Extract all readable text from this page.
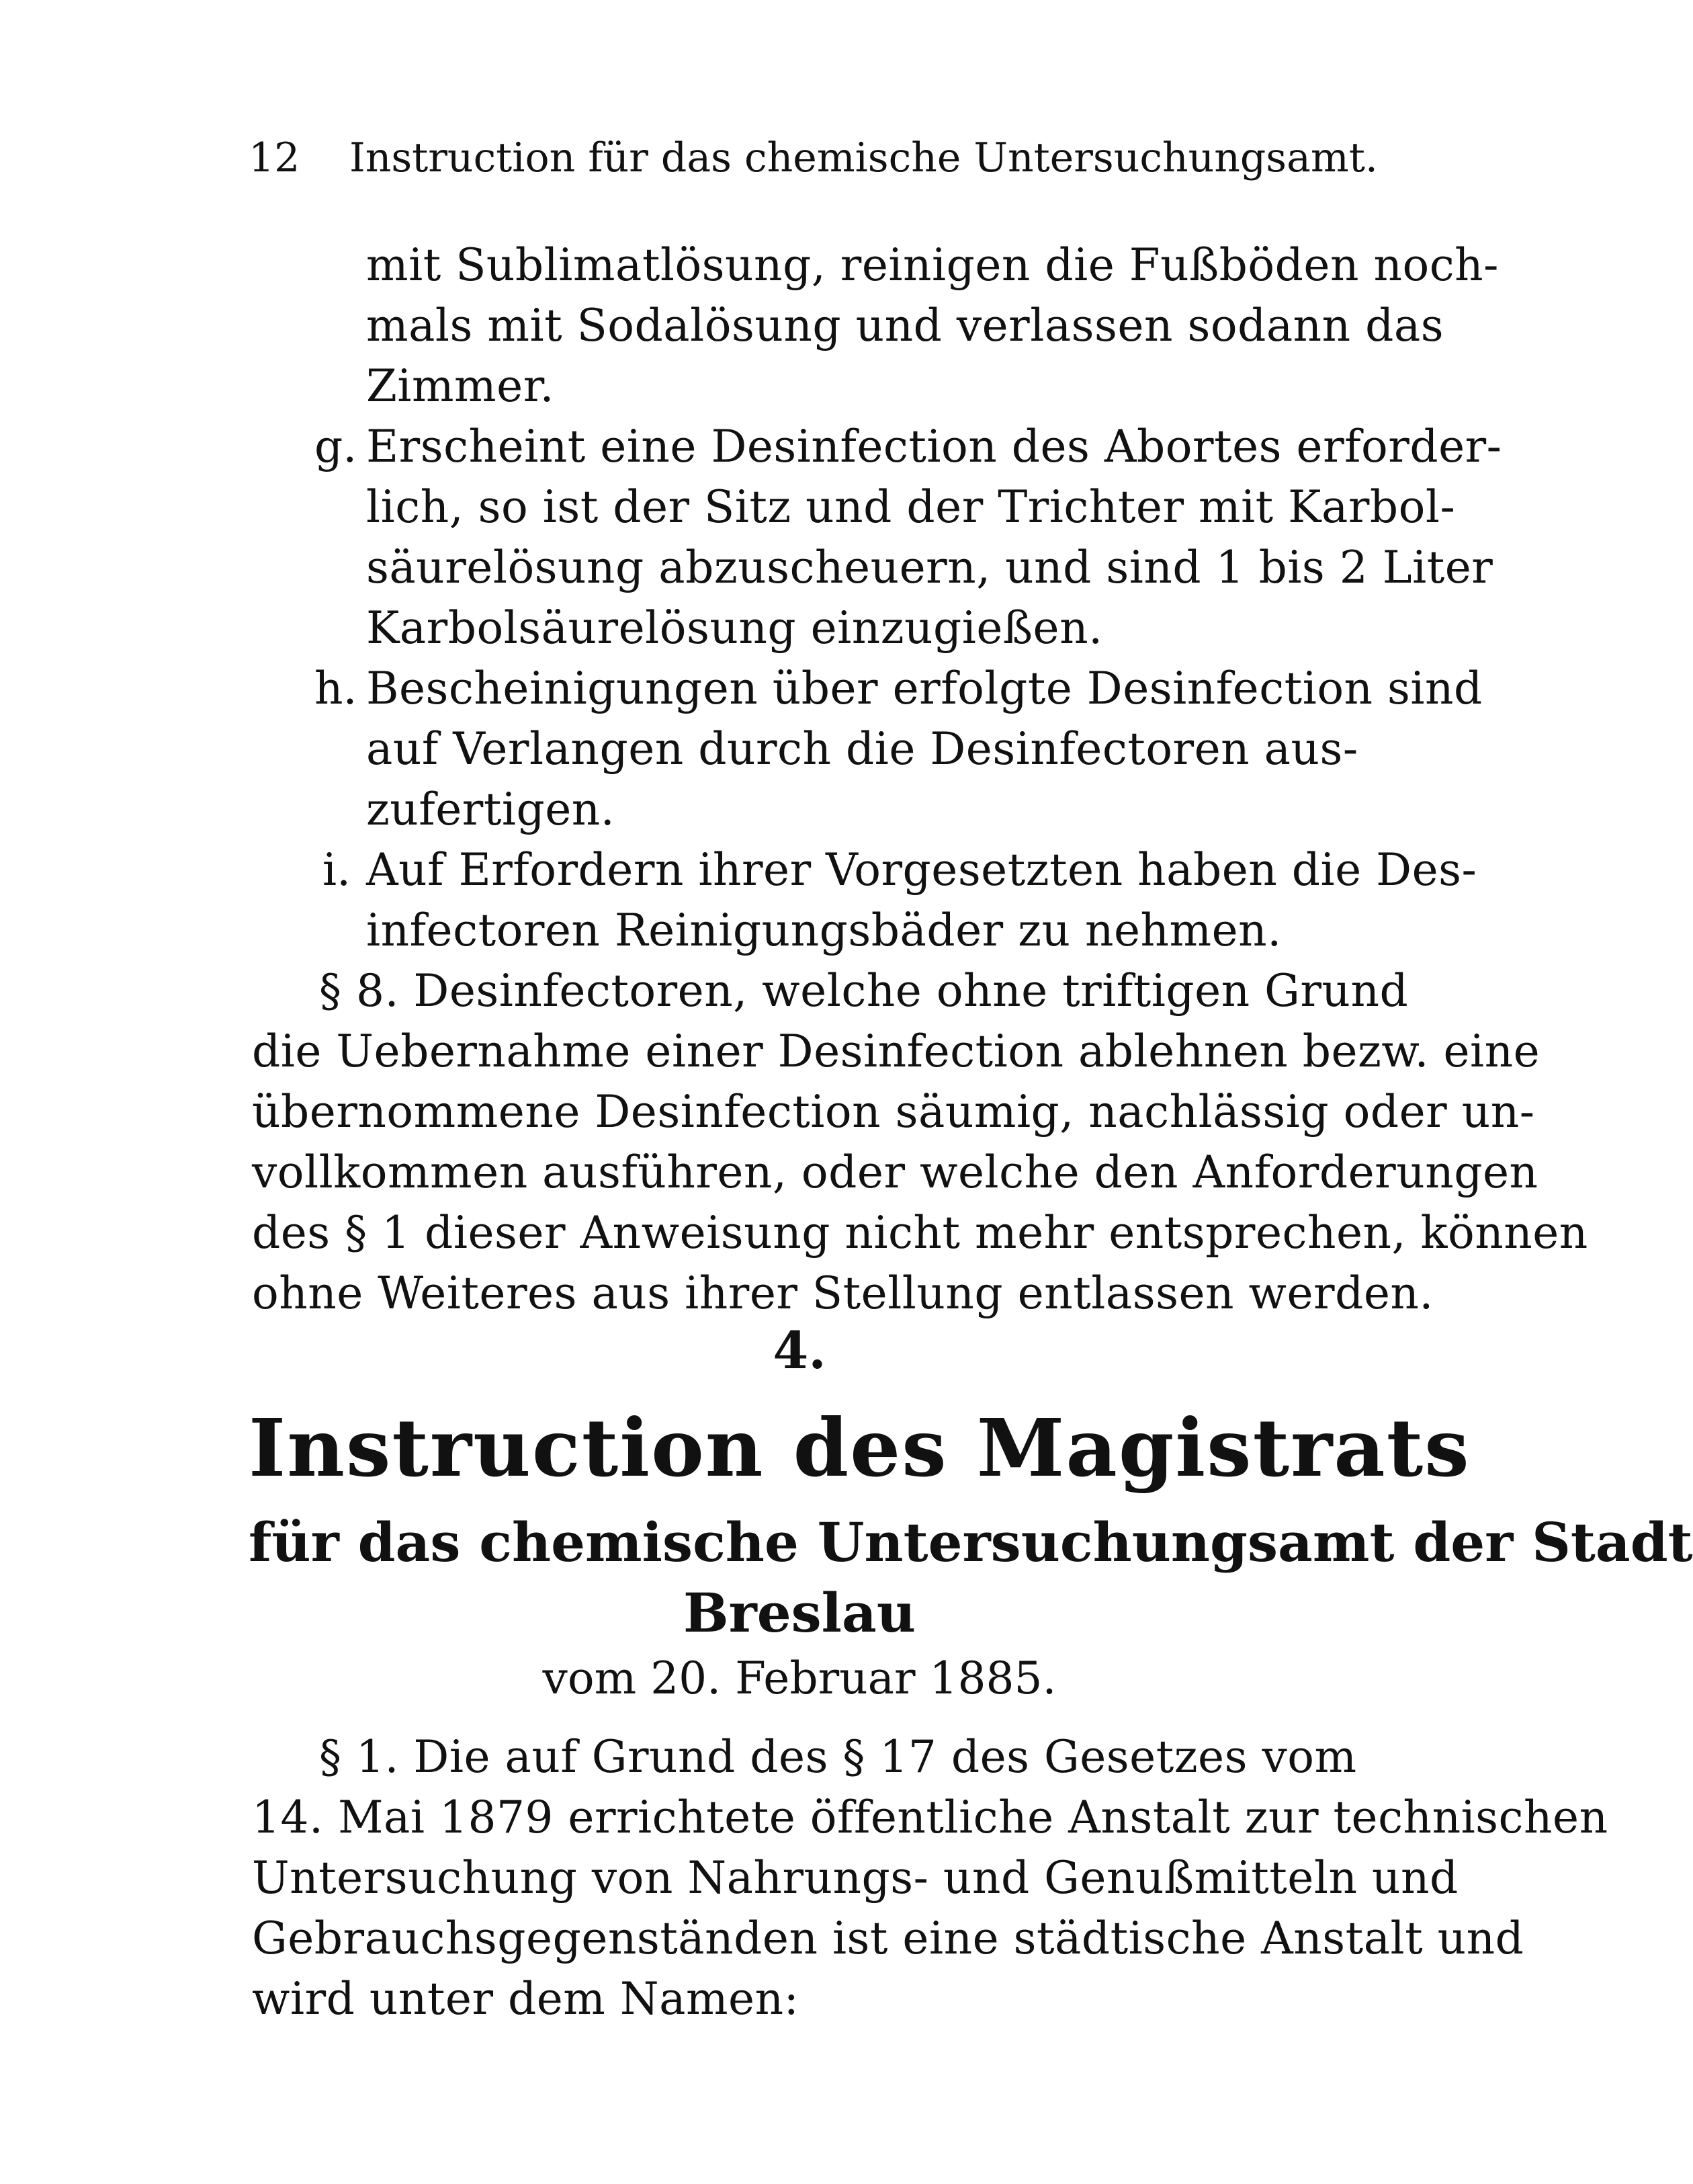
12 Instruction für das chemische Untersuchungsamt.
mit Sublimatlösung, reinigen die Fußböden noch-
mals mit Sodalösung und verlassen sodann das
Zimmer.
g. Erscheint eine Desinfection des Abortes erforder-
lich, so ist der Sitz und der Trichter mit Karbol-
säurelösung abzuscheuern, und sind 1 bis 2 Liter
Karbolsäurelösung einzugießen.
h. Bescheinigungen über erfolgte Desinfection sind
auf Verlangen durch die Desinfectoren aus-
zufertigen.
i. Auf Erfordern ihrer Vorgesetzten haben die Des-
infectoren Reinigungsbäder zu nehmen.
§ 8. Desinfectoren, welche ohne triftigen Grund
die Uebernahme einer Desinfection ablehnen bezw. eine
übernommene Desinfection säumig, nachlässig oder un-
vollkommen ausführen, oder welche den Anforderungen
des § 1 dieser Anweisung nicht mehr entsprechen, können
ohne Weiteres aus ihrer Stellung entlassen werden.
4.
Instruction des Magistrats
für das chemische Untersuchungsamt der Stadt
Breslau
vom 20. Februar 1885.
§ 1. Die auf Grund des § 17 des Gesetzes vom
14. Mai 1879 errichtete öffentliche Anstalt zur technischen
Untersuchung von Nahrungs- und Genußmitteln und
Gebrauchsgegenständen ist eine städtische Anstalt und
wird unter dem Namen:
